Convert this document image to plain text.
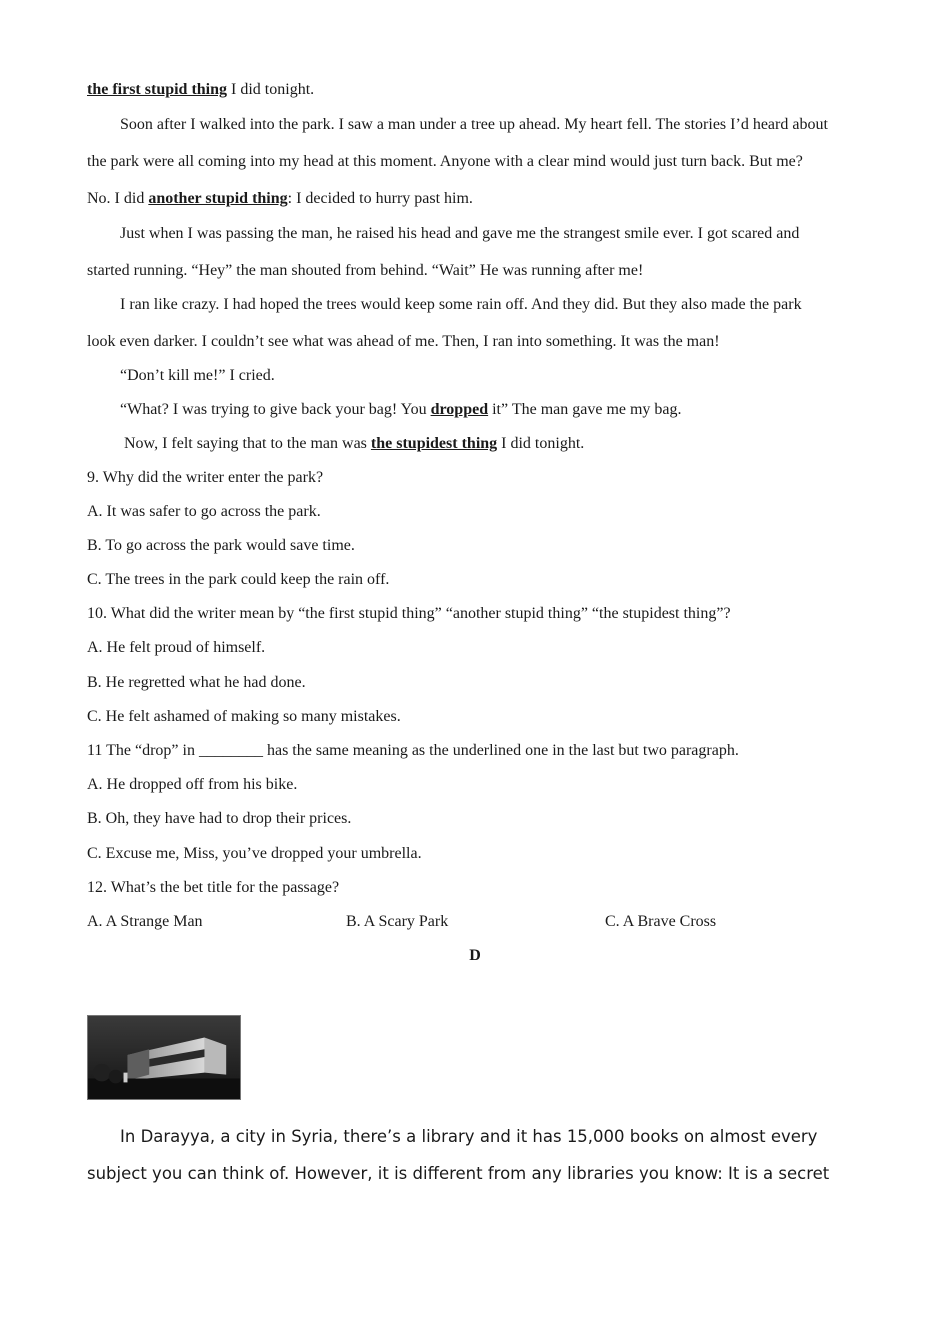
the first stupid thing I did tonight.
Soon after I walked into the park. I saw a man under a tree up ahead. My heart fell. The stories I’d heard about
the park were all coming into my head at this moment. Anyone with a clear mind would just turn back. But me?
No. I did another stupid thing: I decided to hurry past him.
Just when I was passing the man, he raised his head and gave me the strangest smile ever. I got scared and
started running. “Hey” the man shouted from behind. “Wait” He was running after me!
I ran like crazy. I had hoped the trees would keep some rain off. And they did. But they also made the park
look even darker. I couldn’t see what was ahead of me. Then, I ran into something. It was the man!
“Don’t kill me!” I cried.
“What? I was trying to give back your bag! You dropped it” The man gave me my bag.
Now, I felt saying that to the man was the stupidest thing I did tonight.
9. Why did the writer enter the park?
A. It was safer to go across the park.
B. To go across the park would save time.
C. The trees in the park could keep the rain off.
10. What did the writer mean by “the first stupid thing” “another stupid thing” “the stupidest thing”?
A. He felt proud of himself.
B. He regretted what he had done.
C. He felt ashamed of making so many mistakes.
11 The “drop” in ________ has the same meaning as the underlined one in the last but two paragraph.
A. He dropped off from his bike.
B. Oh, they have had to drop their prices.
C. Excuse me, Miss, you’ve dropped your umbrella.
12. What’s the bet title for the passage?
A. A Strange Man	B. A Scary Park	C. A Brave Cross
D
In Darayya, a city in Syria, there’s a library and it has 15,000 books on almost every
subject you can think of. However, it is different from any libraries you know: It is a secret
